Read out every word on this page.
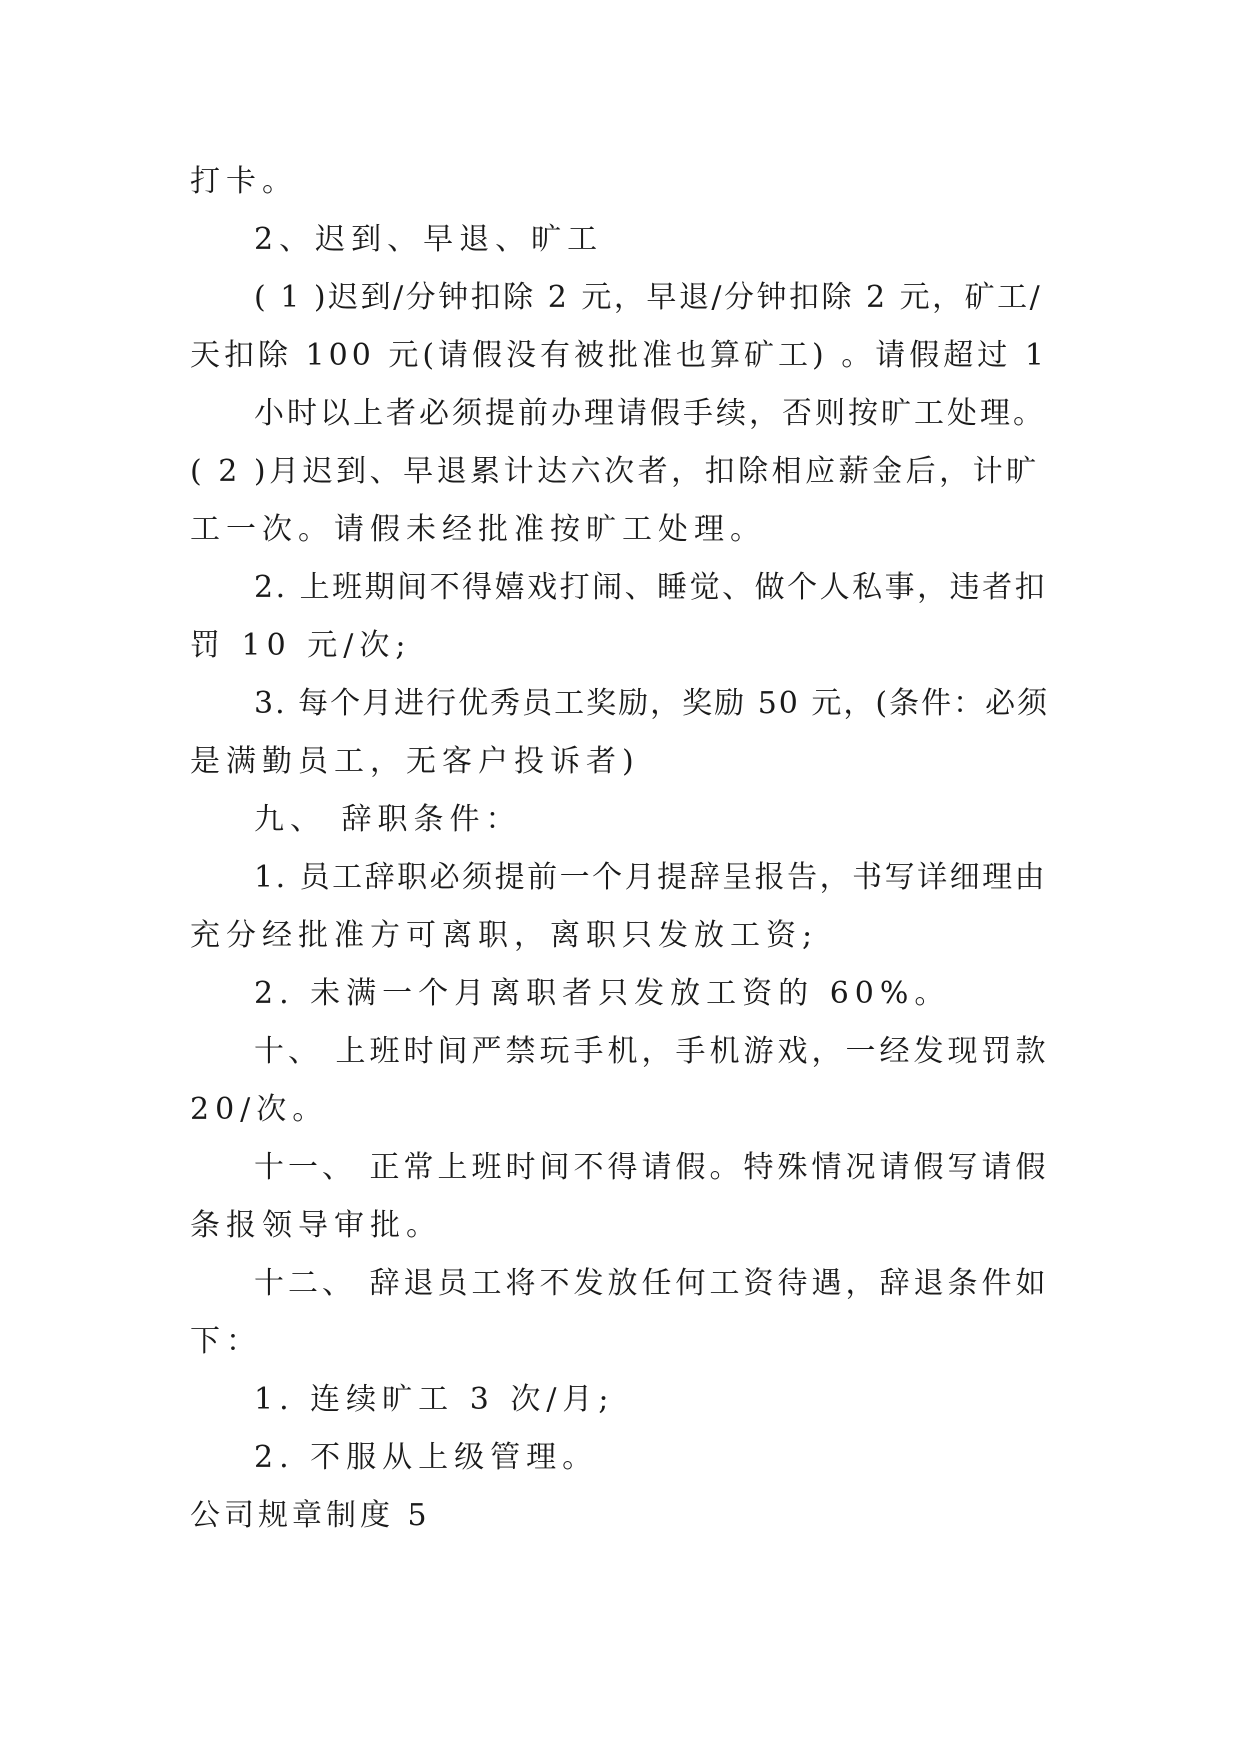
打卡。
2、迟到、早退、旷工
( 1 )迟到/分钟扣除 2 元，早退/分钟扣除 2 元，矿工/
天扣除 100 元(请假没有被批准也算矿工) 。请假超过 1
小时以上者必须提前办理请假手续，否则按旷工处理。
( 2 )月迟到、早退累计达六次者，扣除相应薪金后，计旷
工一次。请假未经批准按旷工处理。
2. 上班期间不得嬉戏打闹、睡觉、做个人私事，违者扣
罚 10 元/次;
3. 每个月进行优秀员工奖励，奖励 50 元，(条件：必须
是满勤员工，无客户投诉者)
九、 辞职条件：
1. 员工辞职必须提前一个月提辞呈报告，书写详细理由
充分经批准方可离职，离职只发放工资;
2. 未满一个月离职者只发放工资的 60%。
十、 上班时间严禁玩手机，手机游戏，一经发现罚款
20/次。
十一、 正常上班时间不得请假。特殊情况请假写请假
条报领导审批。
十二、 辞退员工将不发放任何工资待遇，辞退条件如
下：
1. 连续旷工 3 次/月;
2. 不服从上级管理。
公司规章制度 5
